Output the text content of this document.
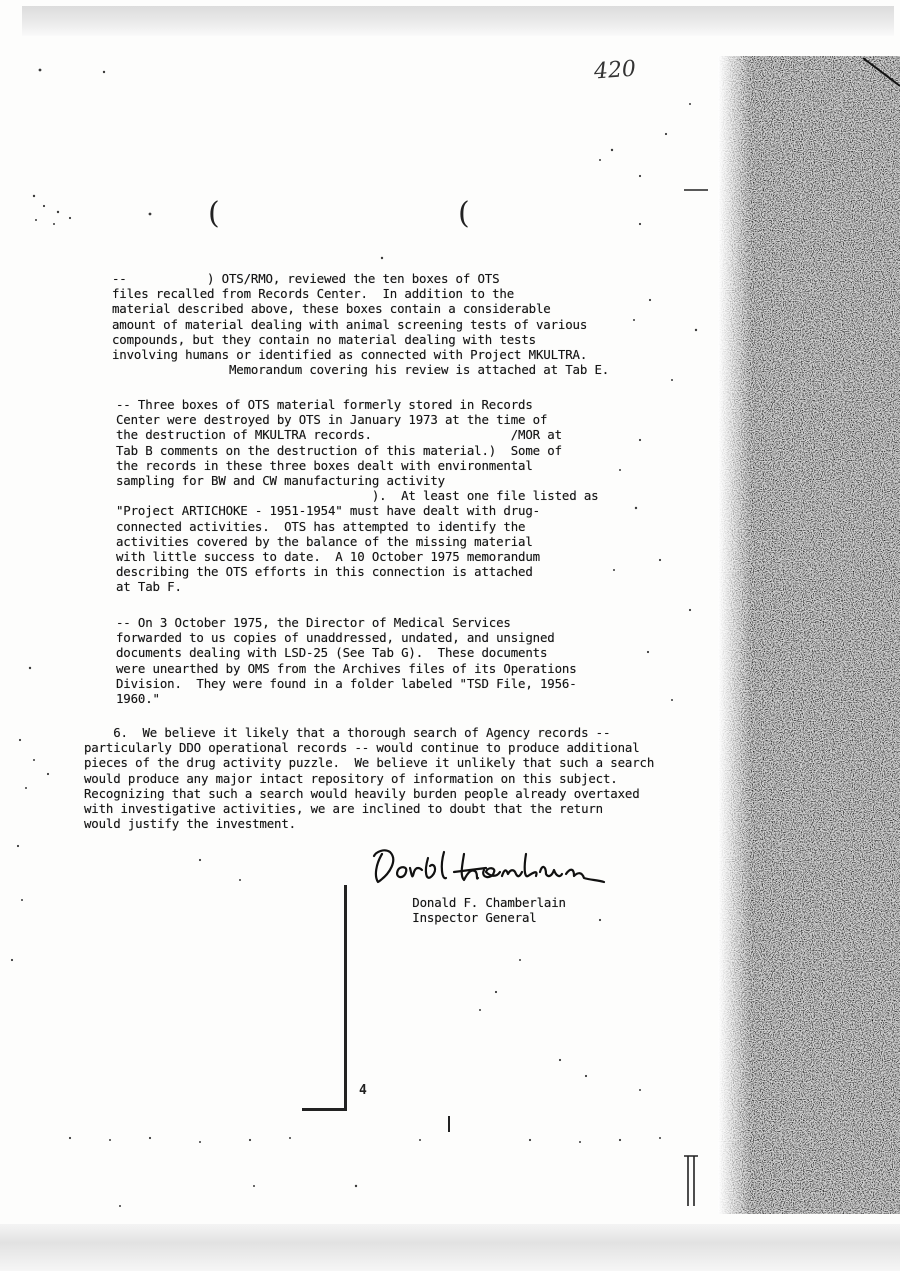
420
(	(
--           ) OTS/RMO, reviewed the ten boxes of OTS
files recalled from Records Center.  In addition to the
material described above, these boxes contain a considerable
amount of material dealing with animal screening tests of various
compounds, but they contain no material dealing with tests
involving humans or identified as connected with Project MKULTRA.
Memorandum covering his review is attached at Tab E.
-- Three boxes of OTS material formerly stored in Records
Center were destroyed by OTS in January 1973 at the time of
the destruction of MKULTRA records.                   /MOR at
Tab B comments on the destruction of this material.)  Some of
the records in these three boxes dealt with environmental
sampling for BW and CW manufacturing activity
).  At least one file listed as
"Project ARTICHOKE - 1951-1954" must have dealt with drug-
connected activities.  OTS has attempted to identify the
activities covered by the balance of the missing material
with little success to date.  A 10 October 1975 memorandum
describing the OTS efforts in this connection is attached
at Tab F.
-- On 3 October 1975, the Director of Medical Services
forwarded to us copies of unaddressed, undated, and unsigned
documents dealing with LSD-25 (See Tab G).  These documents
were unearthed by OMS from the Archives files of its Operations
Division.  They were found in a folder labeled "TSD File, 1956-
1960."
6.  We believe it likely that a thorough search of Agency records --
particularly DDO operational records -- would continue to produce additional
pieces of the drug activity puzzle.  We believe it unlikely that such a search
would produce any major intact repository of information on this subject.
Recognizing that such a search would heavily burden people already overtaxed
with investigative activities, we are inclined to doubt that the return
would justify the investment.
Donald F. Chamberlain
Inspector General
4
